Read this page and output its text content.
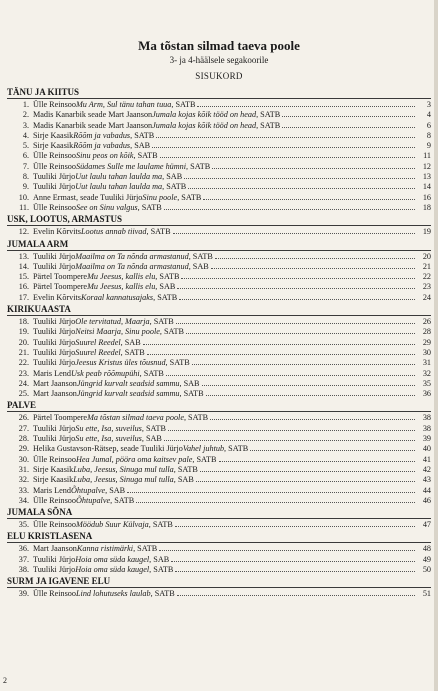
Ma tõstan silmad taeva poole
3- ja 4-häälsele segakoorile
SISUKORD
TÄNU JA KIITUS
1. Ülle Reinsoo Mu Arm, Sul tänu tahan tuua , SATB	3
2. Madis Kanarbik seade Mart Jaanson Jumala kojas kõik tööd on head , SATB	4
3. Madis Kanarbik seade Mart Jaanson Jumala kojas kõik tööd on head , SATB	6
4. Sirje Kaasik Rõõm ja vabadus , SATB	8
5. Sirje Kaasik Rõõm ja vabadus , SAB	9
6. Ülle Reinsoo Sinu peos on kõik , SATB	11
7. Ülle Reinsoo Südames Sulle me laulame hümni , SATB	12
8. Tuuliki Jürjo Uut laulu tahan laulda ma , SAB	13
9. Tuuliki Jürjo Uut laulu tahan laulda ma , SATB	14
10. Anne Ermast, seade Tuuliki Jürjo Sinu poole , SATB	16
11. Ülle Reinsoo See on Sinu valgus , SATB	18
USK, LOOTUS, ARMASTUS
12. Evelin Kõrvits Lootus annab tiivad , SATB	19
JUMALA ARM
13. Tuuliki Jürjo Maailma on Ta nõnda armastanud , SATB	20
14. Tuuliki Jürjo Maailma on Ta nõnda armastanud , SAB	21
15. Pärtel Toompere Mu Jeesus, kallis elu , SATB	22
16. Pärtel Toompere Mu Jeesus, kallis elu , SAB	23
17. Evelin Kõrvits Koraal kannatusajaks , SATB	24
KIRIKUAASTA
18. Tuuliki Jürjo Ole tervitatud, Maarja , SATB	26
19. Tuuliki Jürjo Neitsi Maarja, Sinu poole , SATB	28
20. Tuuliki Jürjo Suurel Reedel , SAB	29
21. Tuuliki Jürjo Suurel Reedel , SATB	30
22. Tuuliki Jürjo Jeesus Kristus üles tõusnud , SATB	31
23. Maris Lend Usk peab rõõmupühi , SATB	32
24. Mart Jaanson Jüngrid kurvalt seadsid sammu , SAB	35
25. Mart Jaanson Jüngrid kurvalt seadsid sammu , SATB	36
PALVE
26. Pärtel Toompere Ma tõstan silmad taeva poole , SATB	38
27. Tuuliki Jürjo Su ette, Isa, suveilus , SATB	38
28. Tuuliki Jürjo Su ette, Isa, suveilus , SAB	39
29. Helika Gustavson-Rätsep, seade Tuuliki Jürjo Vahel juhtub , SATB	40
30. Ülle Reinsoo Hea Jumal, pööra oma kaitsev pale , SATB	41
31. Sirje Kaasik Luba, Jeesus, Sinuga mul tulla , SATB	42
32. Sirje Kaasik Luba, Jeesus, Sinuga mul tulla , SAB	43
33. Maris Lend Õhtupalve , SAB	44
34. Ülle Reinsoo Õhtupalve , SATB	46
JUMALA SÕNA
35. Ülle Reinsoo Möödub Suur Külvaja , SATB	47
ELU KRISTLASENA
36. Mart Jaanson Kanna ristimärki , SATB	48
37. Tuuliki Jürjo Hoia oma süda kaugel , SAB	49
38. Tuuliki Jürjo Hoia oma süda kaugel , SATB	50
SURM JA IGAVENE ELU
39. Ülle Reinsoo Lind lohutuseks laulab , SATB	51
2
